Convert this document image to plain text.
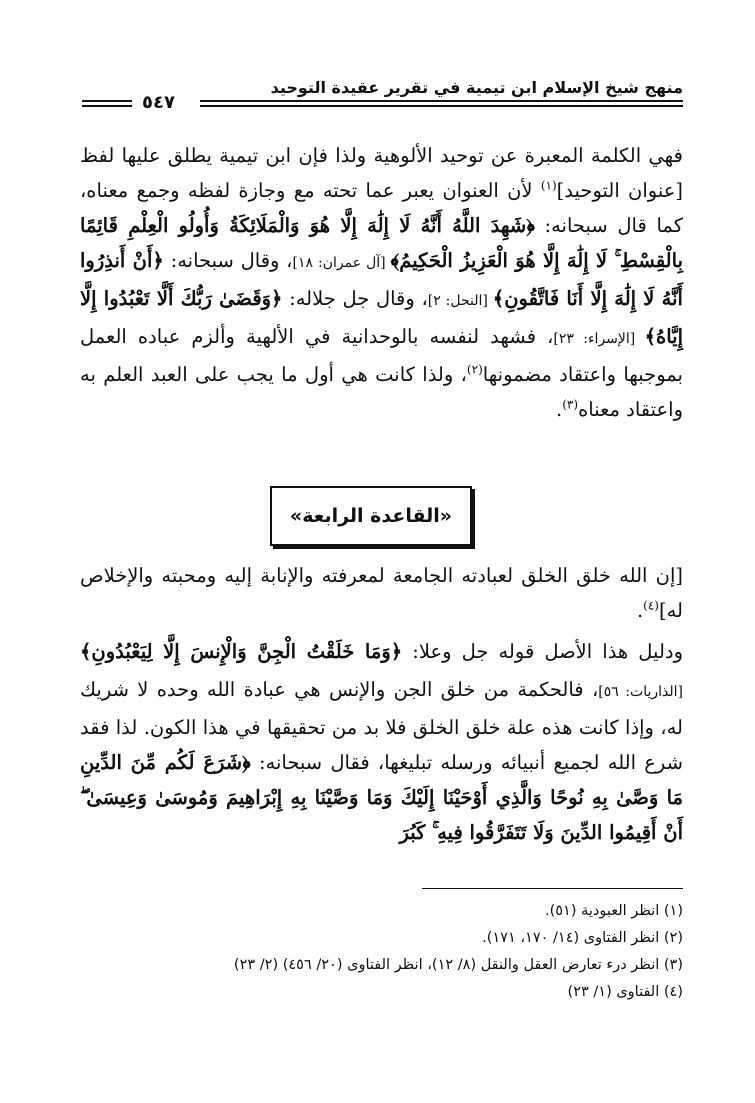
منهج شيخ الإسلام ابن تيمية في تقرير عقيدة التوحيد
٥٤٧

فهي الكلمة المعبرة عن توحيد الألوهية ولذا فإن ابن تيمية يطلق عليها لفظ [عنوان التوحيد]$^{(١)}$ لأن العنوان يعبر عما تحته مع وجازة لفظه وجمع معناه، كما قال سبحانه: ﴿شَهِدَ اللَّهُ أَنَّهُ لَا إِلَٰهَ إِلَّا هُوَ وَالْمَلَائِكَةُ وَأُولُو الْعِلْمِ قَائِمًا بِالْقِسْطِ ۚ لَا إِلَٰهَ إِلَّا هُوَ الْعَزِيزُ الْحَكِيمُ﴾ [آل عمران: ١٨]، وقال سبحانه: ﴿أَنْ أَنذِرُوا أَنَّهُ لَا إِلَٰهَ إِلَّا أَنَا فَاتَّقُونِ﴾ [النحل: ٢]، وقال جل جلاله: ﴿وَقَضَىٰ رَبُّكَ أَلَّا تَعْبُدُوا إِلَّا إِيَّاهُ﴾ [الإسراء: ٢٣]، فشهد لنفسه بالوحدانية في الألهية وألزم عباده العمل بموجبها واعتقاد مضمونها$^{(٢)}$، ولذا كانت هي أول ما يجب على العبد العلم به واعتقاد معناه$^{(٣)}$.

«القاعدة الرابعة»

[إن الله خلق الخلق لعبادته الجامعة لمعرفته والإنابة إليه ومحبته والإخلاص له]$^{(٤)}$.

ودليل هذا الأصل قوله جل وعلا: ﴿وَمَا خَلَقْتُ الْجِنَّ وَالْإِنسَ إِلَّا لِيَعْبُدُونِ﴾ [الذاريات: ٥٦]، فالحكمة من خلق الجن والإنس هي عبادة الله وحده لا شريك له، وإذا كانت هذه علة خلق الخلق فلا بد من تحقيقها في هذا الكون. لذا فقد شرع الله لجميع أنبيائه ورسله تبليغها، فقال سبحانه: ﴿شَرَعَ لَكُم مِّنَ الدِّينِ مَا وَصَّىٰ بِهِ نُوحًا وَالَّذِي أَوْحَيْنَا إِلَيْكَ وَمَا وَصَّيْنَا بِهِ إِبْرَاهِيمَ وَمُوسَىٰ وَعِيسَىٰ ۖ أَنْ أَقِيمُوا الدِّينَ وَلَا تَتَفَرَّقُوا فِيهِ ۚ كَبُرَ

(١) انظر العبودية (٥١).
(٢) انظر الفتاوى (١٤/ ١٧٠، ١٧١).
(٣) انظر درء تعارض العقل والنقل (٨/ ١٢)، انظر الفتاوى (٢٠/ ٤٥٦) (٢/ ٢٣)
(٤) الفتاوى (١/ ٢٣)
